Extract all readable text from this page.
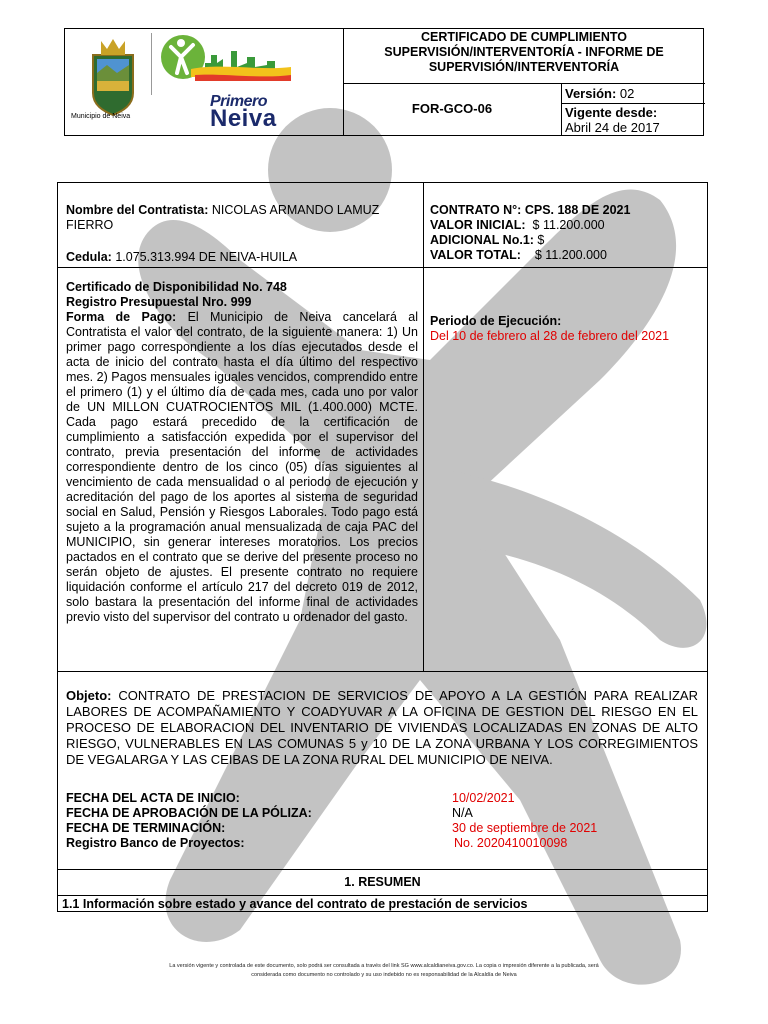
Municipio de Neiva
Primero
Neiva
CERTIFICADO DE CUMPLIMIENTO SUPERVISIÓN/INTERVENTORÍA - INFORME DE SUPERVISIÓN/INTERVENTORÍA
FOR-GCO-06
Versión: 02
Vigente desde:
Abril 24 de 2017
Nombre del Contratista: NICOLAS ARMANDO LAMUZ FIERRO
Cedula: 1.075.313.994 DE NEIVA-HUILA
CONTRATO N°: CPS. 188 DE 2021
VALOR INICIAL: $ 11.200.000
ADICIONAL No.1: $
VALOR TOTAL: $ 11.200.000
Certificado de Disponibilidad No. 748
Registro Presupuestal Nro. 999
Forma de Pago: El Municipio de Neiva cancelará al Contratista el valor del contrato, de la siguiente manera: 1) Un primer pago correspondiente a los días ejecutados desde el acta de inicio del contrato hasta el día último del respectivo mes. 2) Pagos mensuales iguales vencidos, comprendido entre el primero (1) y el último día de cada mes, cada uno por valor de UN MILLON CUATROCIENTOS MIL (1.400.000) MCTE. Cada pago estará precedido de la certificación de cumplimiento a satisfacción expedida por el supervisor del contrato, previa presentación del informe de actividades correspondiente dentro de los cinco (05) días siguientes al vencimiento de cada mensualidad o al periodo de ejecución y acreditación del pago de los aportes al sistema de seguridad social en Salud, Pensión y Riesgos Laborales. Todo pago está sujeto a la programación anual mensualizada de caja PAC del MUNICIPIO, sin generar intereses moratorios. Los precios pactados en el contrato que se derive del presente proceso no serán objeto de ajustes. El presente contrato no requiere liquidación conforme el artículo 217 del decreto 019 de 2012, solo bastara la presentación del informe final de actividades previo visto del supervisor del contrato u ordenador del gasto.
Periodo de Ejecución:
Del 10 de febrero al 28 de febrero del 2021
Objeto: CONTRATO DE PRESTACION DE SERVICIOS DE APOYO A LA GESTIÓN PARA REALIZAR LABORES DE ACOMPAÑAMIENTO Y COADYUVAR A LA OFICINA DE GESTION DEL RIESGO EN EL PROCESO DE ELABORACION DEL INVENTARIO DE VIVIENDAS LOCALIZADAS EN ZONAS DE ALTO RIESGO, VULNERABLES EN LAS COMUNAS 5 y 10 DE LA ZONA URBANA Y LOS CORREGIMIENTOS DE VEGALARGA Y LAS CEIBAS DE LA ZONA RURAL DEL MUNICIPIO DE NEIVA.
FECHA DEL ACTA DE INICIO:	10/02/2021
FECHA DE APROBACIÓN DE LA PÓLIZA:	N/A
FECHA DE TERMINACIÓN:	30 de septiembre de 2021
Registro Banco de Proyectos:	No. 2020410010098
1. RESUMEN
1.1 Información sobre estado y avance del contrato de prestación de servicios
La versión vigente y controlada de este documento, solo podrá ser consultada a través del link SG www.alcaldianeiva.gov.co. La copia o impresión diferente a la publicada, será
considerada como documento no controlado y su uso indebido no es responsabilidad de la Alcaldía de Neiva
